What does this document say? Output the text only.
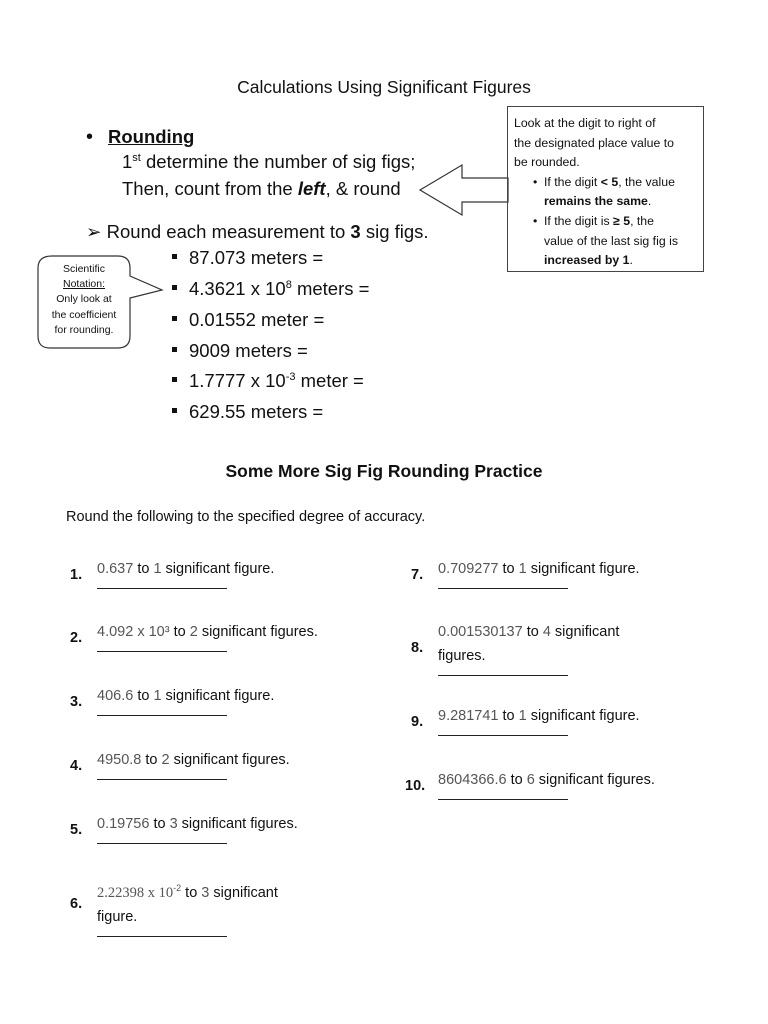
Calculations Using Significant Figures
• Rounding
1st determine the number of sig figs;
Then, count from the left, & round
Look at the digit to right of
the designated place value to
be rounded.
• If the digit < 5, the value
remains the same.
• If the digit is ≥ 5, the
value of the last sig fig is
increased by 1.
➢ Round each measurement to 3 sig figs.
87.073 meters =
4.3621 x $10^8$ meters =
0.01552 meter =
9009 meters =
1.7777 x $10^{-3}$ meter =
629.55 meters =
Scientific
Notation:
Only look at
the coefficient
for rounding.
Some More Sig Fig Rounding Practice
Round the following to the specified degree of accuracy.
1. 0.637 to 1 significant figure.
2. 4.092 x 10³ to 2 significant figures.
3. 406.6 to 1 significant figure.
4. 4950.8 to 2 significant figures.
5. 0.19756 to 3 significant figures.
6.
2.22398 x $10^{-2}$ to 3 significant
figure.
7. 0.709277 to 1 significant figure.
8.
0.001530137 to 4 significant
figures.
9. 9.281741 to 1 significant figure.
10. 8604366.6 to 6 significant figures.
